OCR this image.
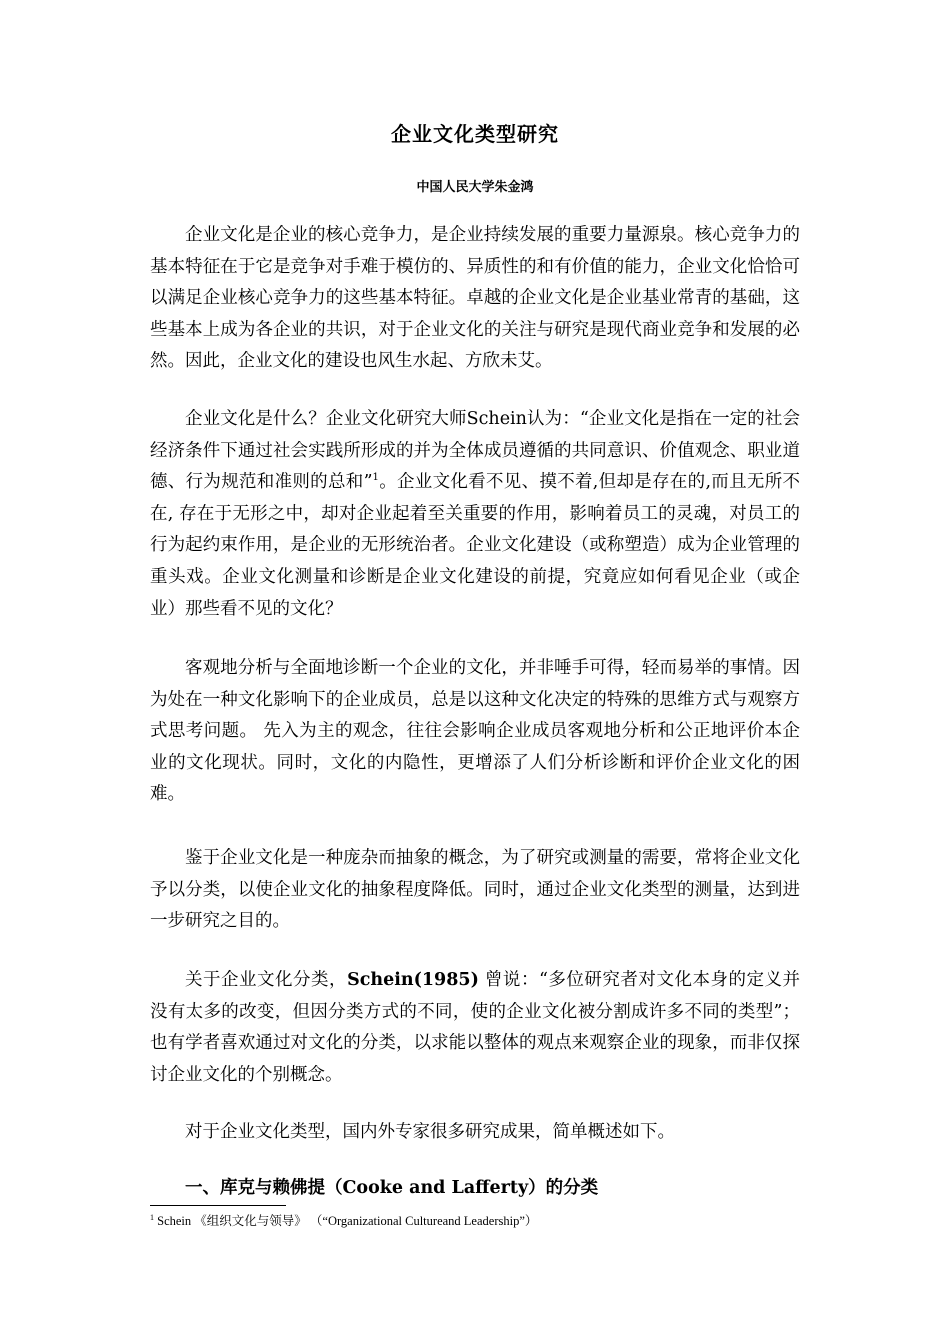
企业文化类型研究
中国人民大学朱金鸿

企业文化是企业的核心竞争力，是企业持续发展的重要力量源泉。核心竞争力的基本特征在于它是竞争对手难于模仿的、异质性的和有价值的能力，企业文化恰恰可以满足企业核心竞争力的这些基本特征。卓越的企业文化是企业基业常青的基础，这些基本上成为各企业的共识，对于企业文化的关注与研究是现代商业竞争和发展的必然。因此，企业文化的建设也风生水起、方欣未艾。

企业文化是什么？企业文化研究大师Schein认为：“企业文化是指在一定的社会经济条件下通过社会实践所形成的并为全体成员遵循的共同意识、价值观念、职业道德、行为规范和准则的总和”$^1$。企业文化看不见、摸不着,但却是存在的,而且无所不在, 存在于无形之中，却对企业起着至关重要的作用，影响着员工的灵魂，对员工的行为起约束作用，是企业的无形统治者。企业文化建设（或称塑造）成为企业管理的重头戏。企业文化测量和诊断是企业文化建设的前提，究竟应如何看见企业（或企业）那些看不见的文化？

客观地分析与全面地诊断一个企业的文化，并非唾手可得，轻而易举的事情。因为处在一种文化影响下的企业成员，总是以这种文化决定的特殊的思维方式与观察方式思考问题。 先入为主的观念，往往会影响企业成员客观地分析和公正地评价本企业的文化现状。同时，文化的内隐性，更增添了人们分析诊断和评价企业文化的困难。

鉴于企业文化是一种庞杂而抽象的概念，为了研究或测量的需要，常将企业文化予以分类，以使企业文化的抽象程度降低。同时，通过企业文化类型的测量，达到进一步研究之目的。

关于企业文化分类，Schein(1985) 曾说：“多位研究者对文化本身的定义并没有太多的改变，但因分类方式的不同，使的企业文化被分割成许多不同的类型”；也有学者喜欢通过对文化的分类，以求能以整体的观点来观察企业的现象，而非仅探讨企业文化的个别概念。

对于企业文化类型，国内外专家很多研究成果，简单概述如下。

一、库克与赖佛提（Cooke and Lafferty）的分类
$^1$ Schein 《组织文化与领导》 （“Organizational Cultureand Leadership”）
